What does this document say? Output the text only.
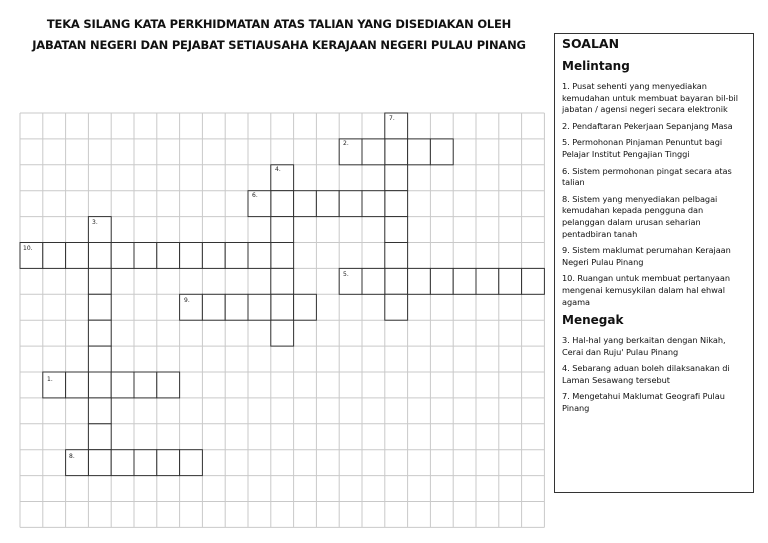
TEKA SILANG KATA PERKHIDMATAN ATAS TALIAN YANG DISEDIAKAN OLEH
JABATAN NEGERI DAN PEJABAT SETIAUSAHA KERAJAAN NEGERI PULAU PINANG
1.
2.
3.
4.
5.
6.
7.
8.
9.
10.
SOALAN
Melintang
1. Pusat sehenti yang menyediakan kemudahan untuk membuat bayaran bil-bil jabatan / agensi negeri secara elektronik
2. Pendaftaran Pekerjaan Sepanjang Masa
5. Permohonan Pinjaman Penuntut bagi Pelajar Institut Pengajian Tinggi
6. Sistem permohonan pingat secara atas talian
8. Sistem yang menyediakan pelbagai kemudahan kepada pengguna dan pelanggan dalam urusan seharian pentadbiran tanah
9. Sistem maklumat perumahan Kerajaan Negeri Pulau Pinang
10. Ruangan untuk membuat pertanyaan mengenai kemusykilan dalam hal ehwal agama
Menegak
3. Hal-hal yang berkaitan dengan Nikah, Cerai dan Ruju' Pulau Pinang
4. Sebarang aduan boleh dilaksanakan di Laman Sesawang tersebut
7. Mengetahui Maklumat Geografi Pulau Pinang
